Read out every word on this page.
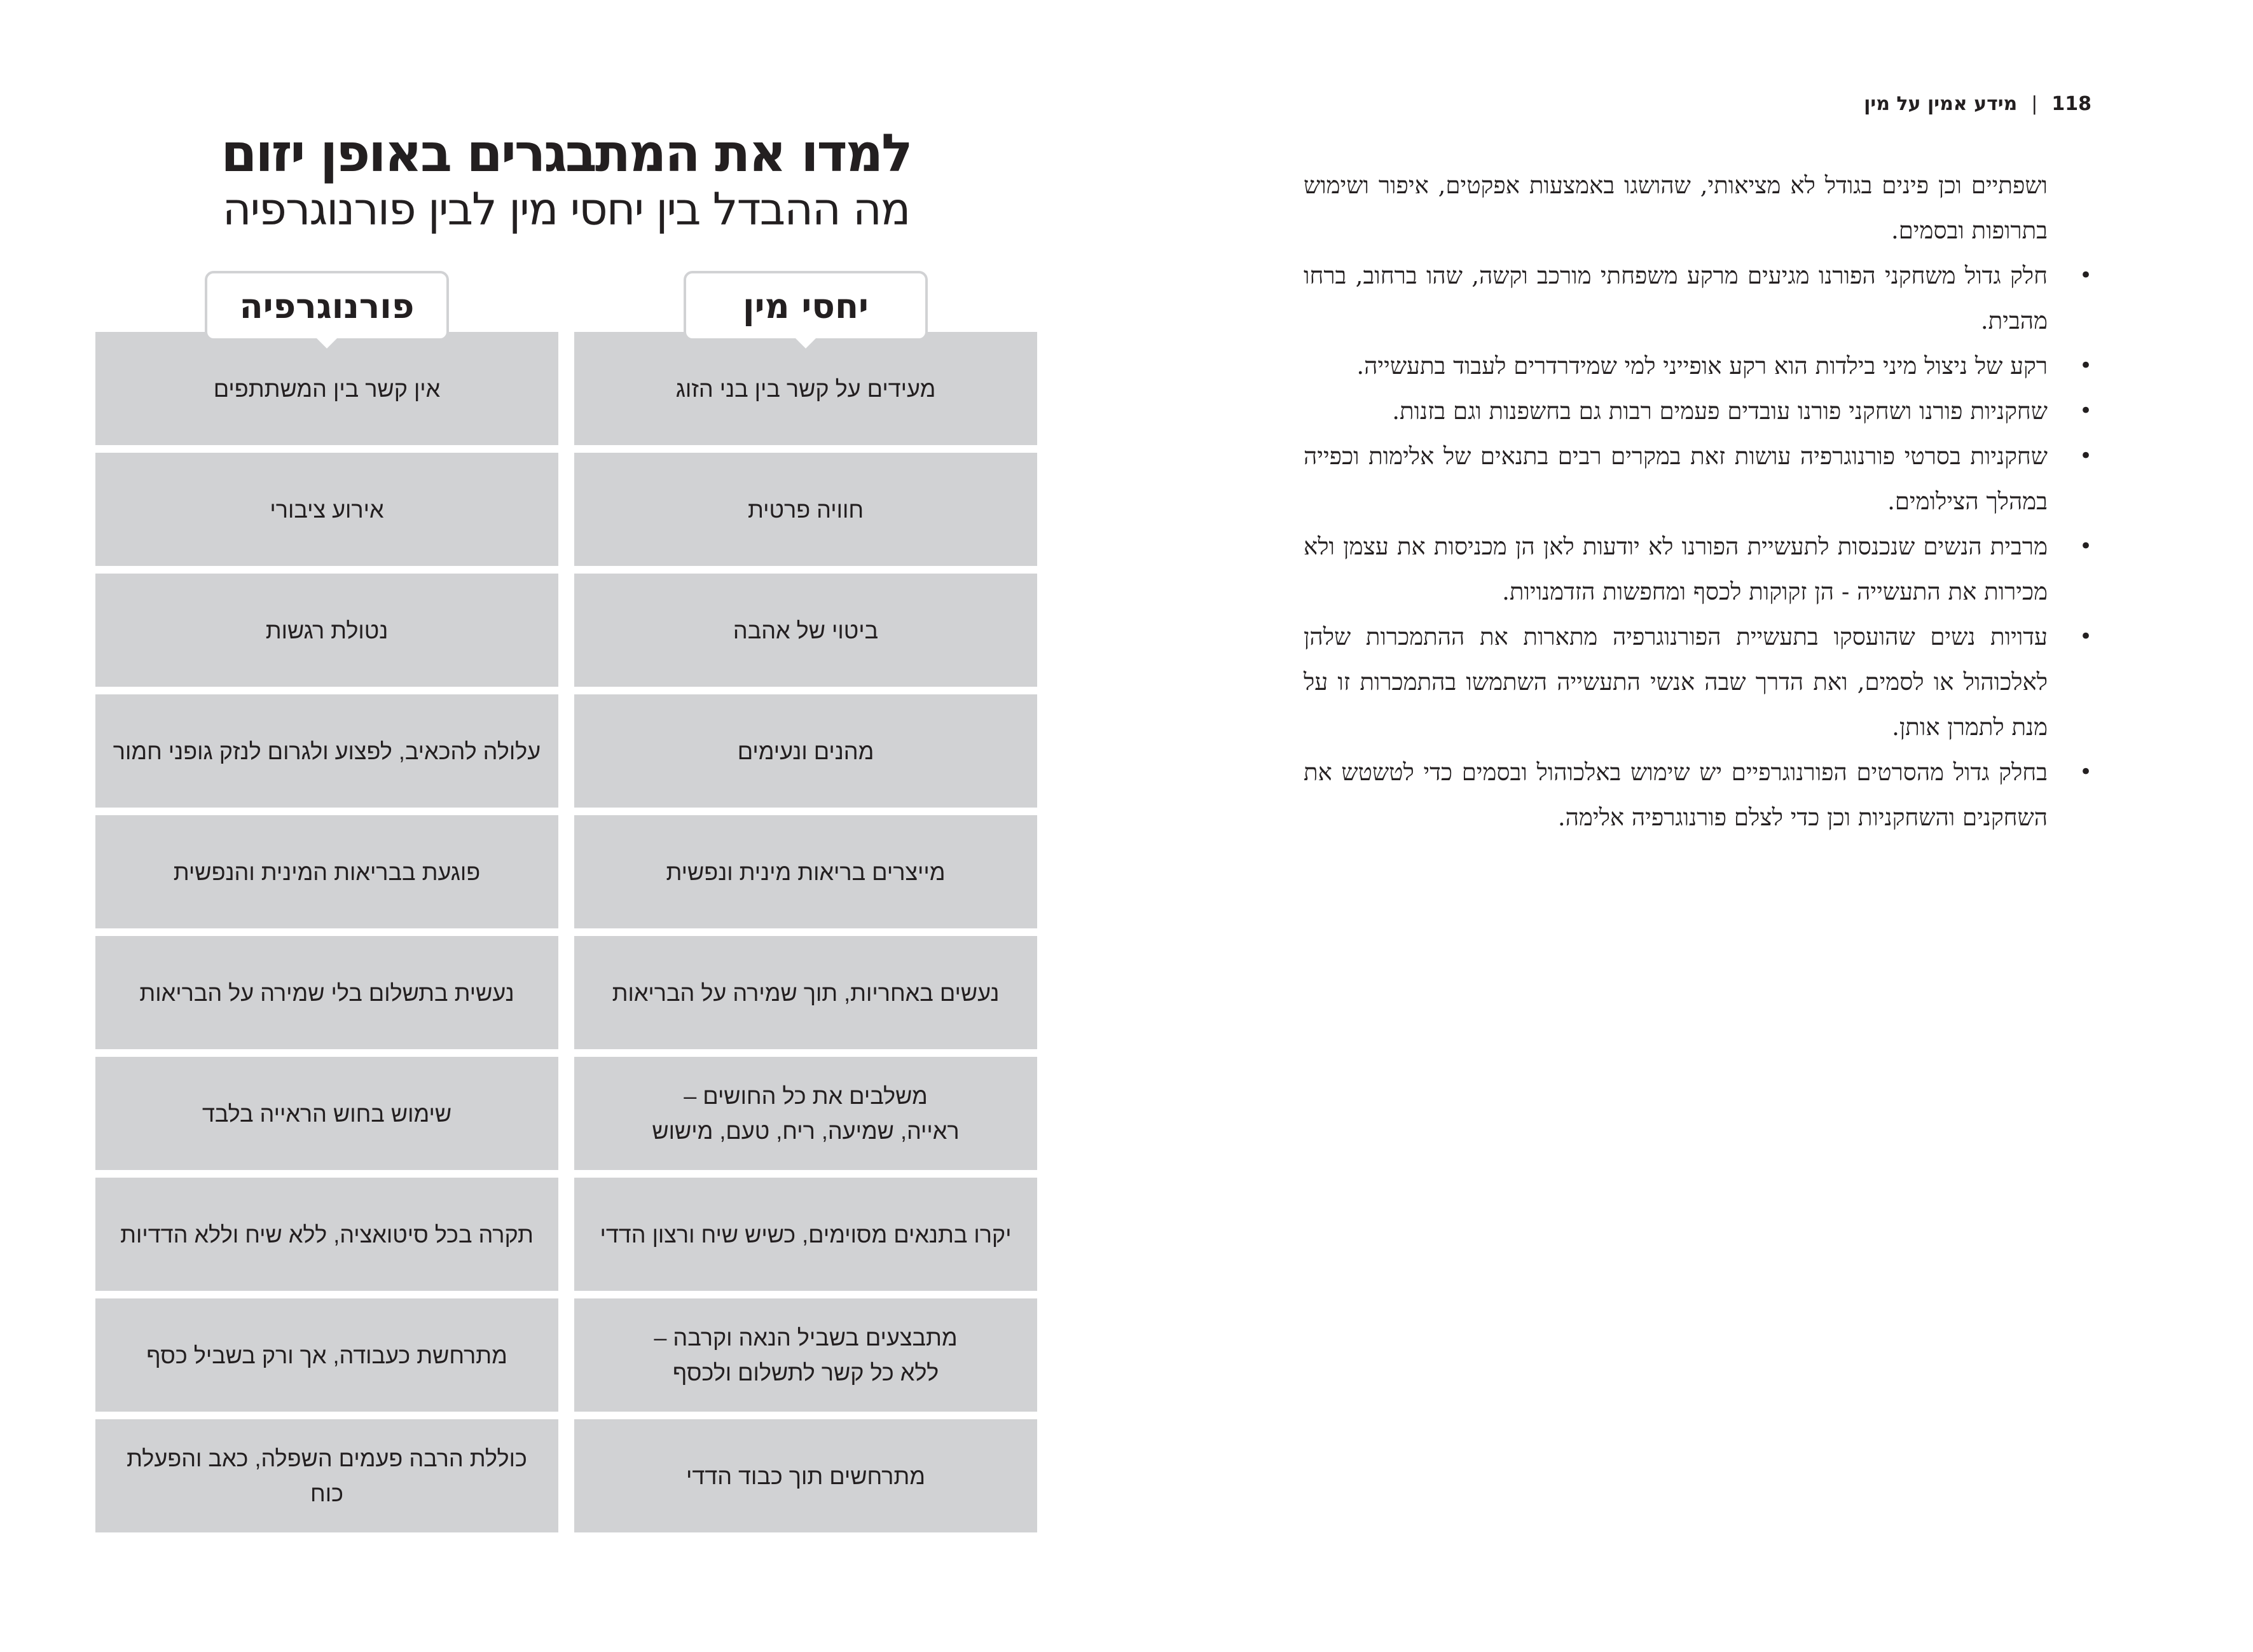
118
|
מידע אמין על מין

ושפתיים וכן פינים בגודל לא מציאותי, שהושגו באמצעות אפקטים, איפור ושימוש בתרופות ובסמים.

•
חלק גדול משחקני הפורנו מגיעים מרקע משפחתי מורכב וקשה, שהו ברחוב, ברחו מהבית.
•
רקע של ניצול מיני בילדות הוא רקע אופייני למי שמידרדרים לעבוד בתעשייה.
•
שחקניות פורנו ושחקני פורנו עובדים פעמים רבות גם בחשפנות וגם בזנות.
•
שחקניות בסרטי פורנוגרפיה עושות זאת במקרים רבים בתנאים של אלימות וכפייה במהלך הצילומים.
•
מרבית הנשים שנכנסות לתעשיית הפורנו לא יודעות לאן הן מכניסות את עצמן ולא מכירות את התעשייה - הן זקוקות לכסף ומחפשות הזדמנויות.
•
עדויות נשים שהועסקו בתעשיית הפורנוגרפיה מתארות את ההתמכרות שלהן לאלכוהול או לסמים, ואת הדרך שבה אנשי התעשייה השתמשו בהתמכרות זו על מנת לתמרן אותן.
•
בחלק גדול מהסרטים הפורנוגרפיים יש שימוש באלכוהול ובסמים כדי לטשטש את השחקנים והשחקניות וכן כדי לצלם פורנוגרפיה אלימה.
למדו את המתבגרים באופן יזום
מה ההבדל בין יחסי מין לבין פורנוגרפיה
יחסי מין
פורנוגרפיה
מעידים על קשר בין בני הזוג
חוויה פרטית
ביטוי של אהבה
מהנים ונעימים
מייצרים בריאות מינית ונפשית
נעשים באחריות, תוך שמירה על הבריאות
משלבים את כל החושים –
ראייה, שמיעה, ריח, טעם, מישוש
יקרו בתנאים מסוימים, כשיש שיח ורצון הדדי
מתבצעים בשביל הנאה וקרבה –
ללא כל קשר לתשלום ולכסף
מתרחשים תוך כבוד הדדי
אין קשר בין המשתתפים
אירוע ציבורי
נטולת רגשות
עלולה להכאיב, לפצוע ולגרום לנזק גופני חמור
פוגעת בבריאות המינית והנפשית
נעשית בתשלום בלי שמירה על הבריאות
שימוש בחוש הראייה בלבד
תקרה בכל סיטואציה, ללא שיח וללא הדדיות
מתרחשת כעבודה, אך ורק בשביל כסף
כוללת הרבה פעמים השפלה, כאב והפעלת כוח
